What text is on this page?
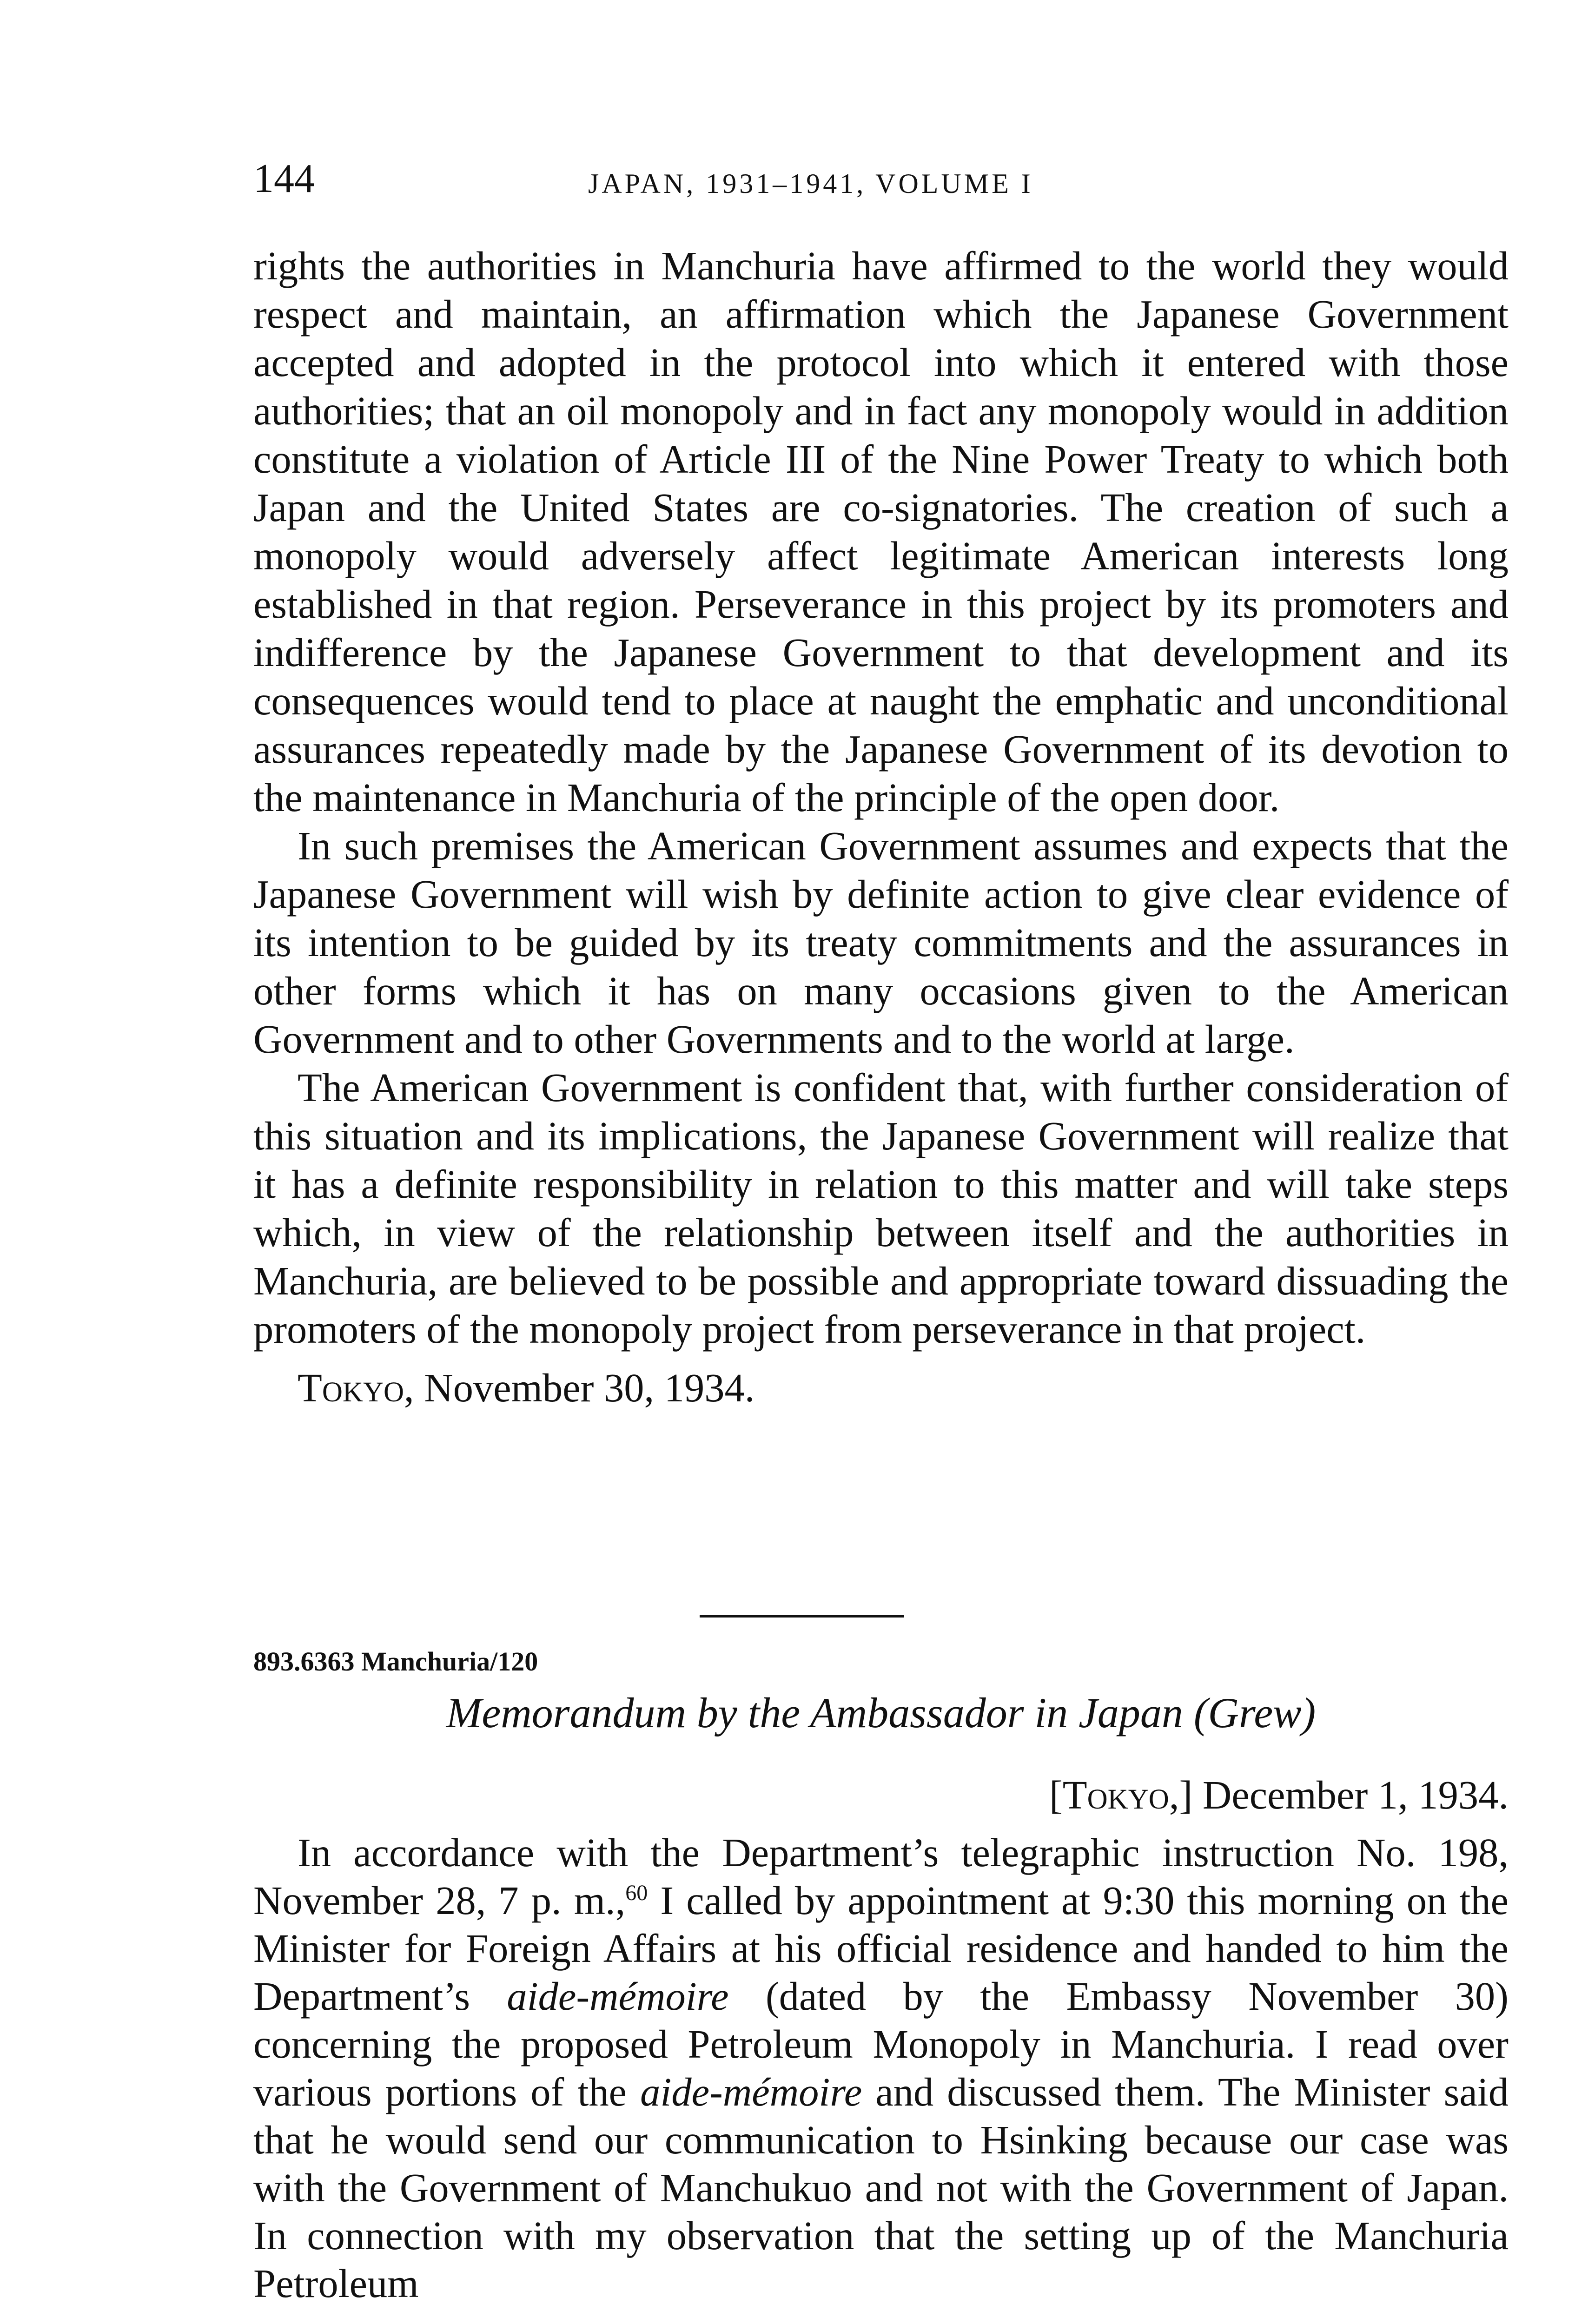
144	JAPAN, 1931–1941, VOLUME I

rights the authorities in Manchuria have affirmed to the world they would respect and maintain, an affirmation which the Japanese Government accepted and adopted in the protocol into which it entered with those authorities; that an oil monopoly and in fact any monopoly would in addition constitute a violation of Article III of the Nine Power Treaty to which both Japan and the United States are co-signatories. The creation of such a monopoly would adversely affect legitimate American interests long established in that region. Perseverance in this project by its promoters and indifference by the Japanese Government to that development and its consequences would tend to place at naught the emphatic and unconditional assurances repeatedly made by the Japanese Government of its devotion to the maintenance in Manchuria of the principle of the open door.

In such premises the American Government assumes and expects that the Japanese Government will wish by definite action to give clear evidence of its intention to be guided by its treaty commitments and the assurances in other forms which it has on many occasions given to the American Government and to other Governments and to the world at large.

The American Government is confident that, with further consideration of this situation and its implications, the Japanese Government will realize that it has a definite responsibility in relation to this matter and will take steps which, in view of the relationship between itself and the authorities in Manchuria, are believed to be possible and appropriate toward dissuading the promoters of the monopoly project from perseverance in that project.

Tokyo, November 30, 1934.

893.6363 Manchuria/120
Memorandum by the Ambassador in Japan (Grew)
[Tokyo,] December 1, 1934.

In accordance with the Department’s telegraphic instruction No. 198, November 28, 7 p. m.,$^{60}$ I called by appointment at 9:30 this morning on the Minister for Foreign Affairs at his official residence and handed to him the Department’s aide-mémoire (dated by the Embassy November 30) concerning the proposed Petroleum Monopoly in Manchuria. I read over various portions of the aide-mémoire and discussed them. The Minister said that he would send our communication to Hsinking because our case was with the Government of Manchukuo and not with the Government of Japan. In connection with my observation that the setting up of the Manchuria Petroleum
